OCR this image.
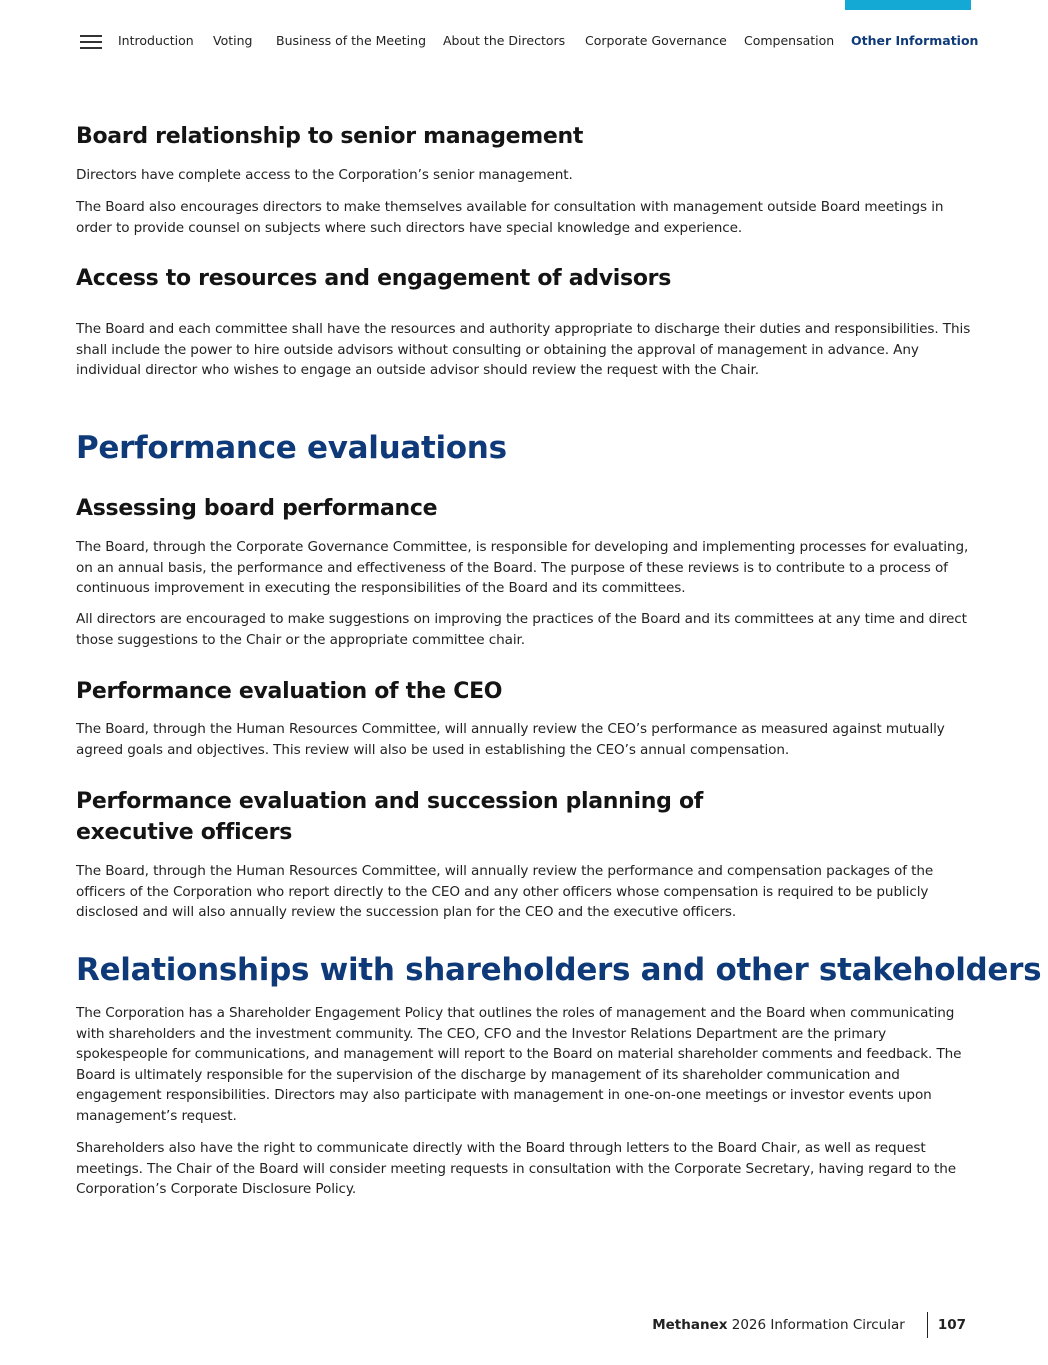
Introduction Voting Business of the Meeting About the Directors Corporate Governance Compensation Other Information
Board relationship to senior management

Directors have complete access to the Corporation’s senior management.

The Board also encourages directors to make themselves available for consultation with management outside Board meetings in order to provide counsel on subjects where such directors have special knowledge and experience.

Access to resources and engagement of advisors

The Board and each committee shall have the resources and authority appropriate to discharge their duties and responsibilities. This shall include the power to hire outside advisors without consulting or obtaining the approval of management in advance. Any individual director who wishes to engage an outside advisor should review the request with the Chair.

Performance evaluations
Assessing board performance

The Board, through the Corporate Governance Committee, is responsible for developing and implementing processes for evaluating, on an annual basis, the performance and effectiveness of the Board. The purpose of these reviews is to contribute to a process of continuous improvement in executing the responsibilities of the Board and its committees.

All directors are encouraged to make suggestions on improving the practices of the Board and its committees at any time and direct those suggestions to the Chair or the appropriate committee chair.

Performance evaluation of the CEO

The Board, through the Human Resources Committee, will annually review the CEO’s performance as measured against mutually agreed goals and objectives. This review will also be used in establishing the CEO’s annual compensation.

Performance evaluation and succession planning of
executive officers

The Board, through the Human Resources Committee, will annually review the performance and compensation packages of the officers of the Corporation who report directly to the CEO and any other officers whose compensation is required to be publicly disclosed and will also annually review the succession plan for the CEO and the executive officers.

Relationships with shareholders and other stakeholders

The Corporation has a Shareholder Engagement Policy that outlines the roles of management and the Board when communicating with shareholders and the investment community. The CEO, CFO and the Investor Relations Department are the primary spokespeople for communications, and management will report to the Board on material shareholder comments and feedback. The Board is ultimately responsible for the supervision of the discharge by management of its shareholder communication and engagement responsibilities. Directors may also participate with management in one-on-one meetings or investor events upon management’s request.

Shareholders also have the right to communicate directly with the Board through letters to the Board Chair, as well as request meetings. The Chair of the Board will consider meeting requests in consultation with the Corporate Secretary, having regard to the Corporation’s Corporate Disclosure Policy.

Methanex
2026 Information Circular 107
